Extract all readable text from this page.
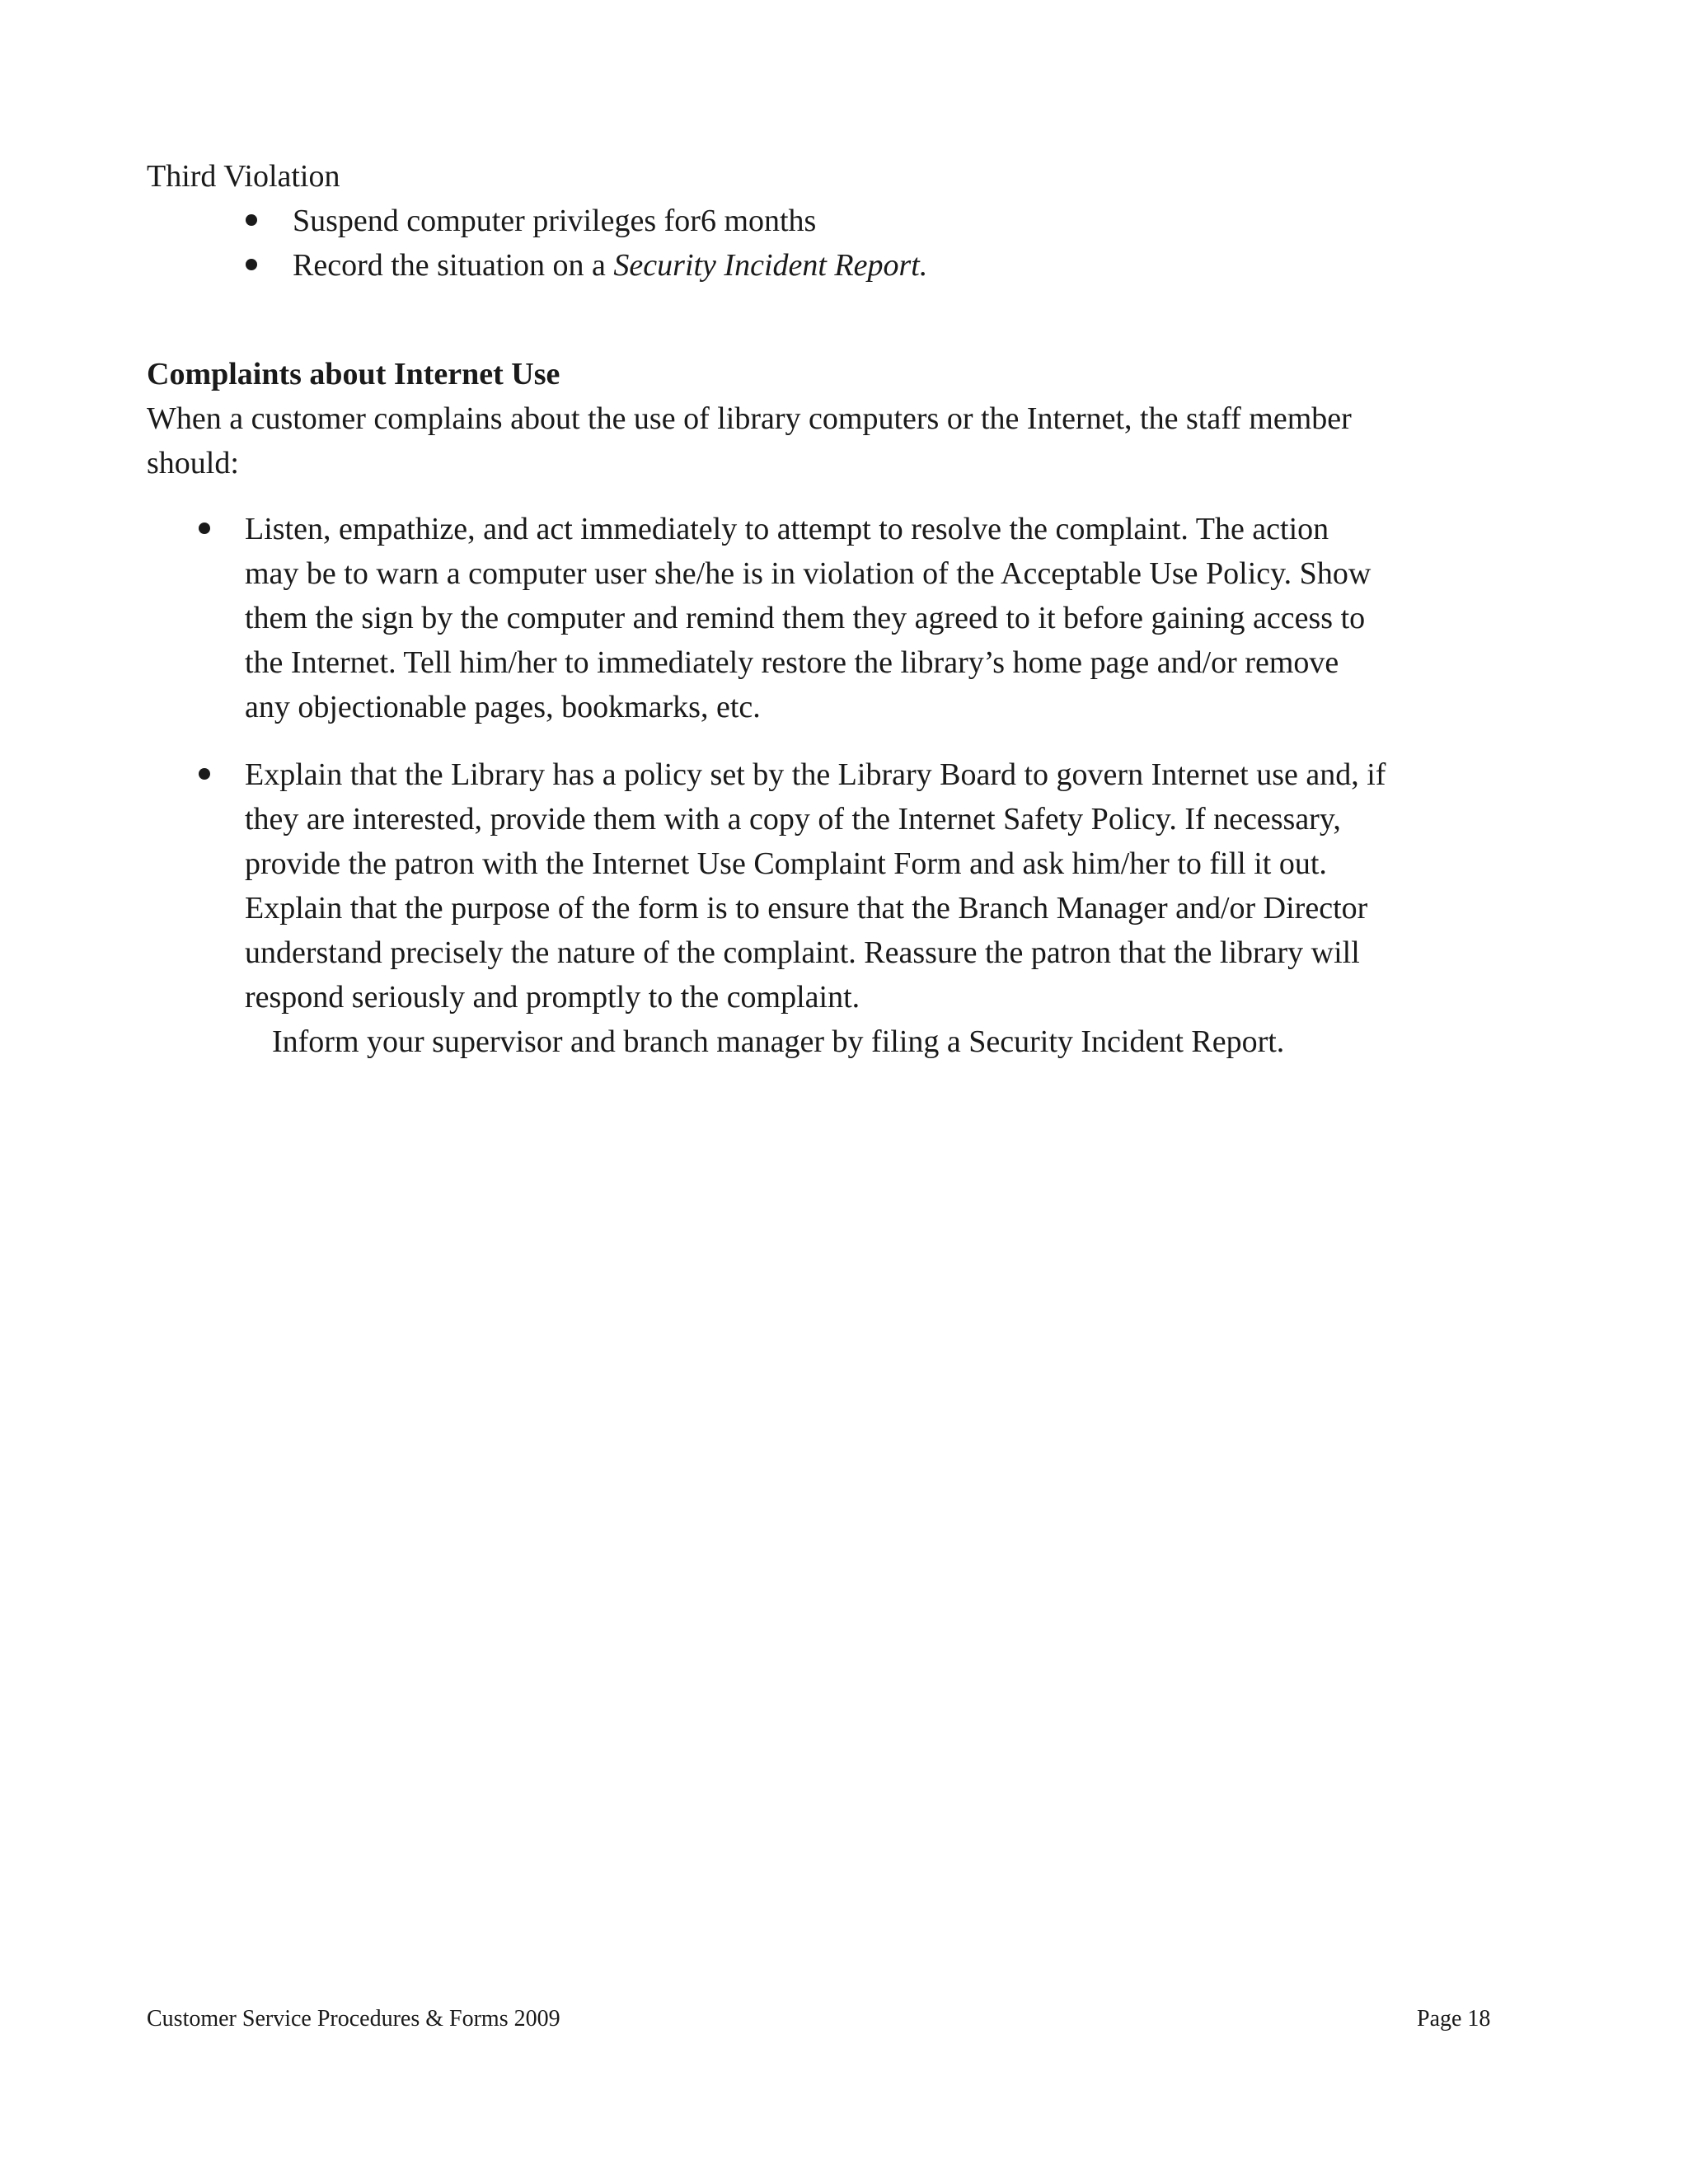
Third Violation
Suspend computer privileges for6 months
Record the situation on a Security Incident Report.
Complaints about Internet Use
When a customer complains about the use of library computers or the Internet, the staff member
should:
Listen, empathize, and act immediately to attempt to resolve the complaint. The action
may be to warn a computer user she/he is in violation of the Acceptable Use Policy. Show
them the sign by the computer and remind them they agreed to it before gaining access to
the Internet. Tell him/her to immediately restore the library’s home page and/or remove
any objectionable pages, bookmarks, etc.
Explain that the Library has a policy set by the Library Board to govern Internet use and, if
they are interested, provide them with a copy of the Internet Safety Policy. If necessary,
provide the patron with the Internet Use Complaint Form and ask him/her to fill it out.
Explain that the purpose of the form is to ensure that the Branch Manager and/or Director
understand precisely the nature of the complaint. Reassure the patron that the library will
respond seriously and promptly to the complaint.
Inform your supervisor and branch manager by filing a Security Incident Report.
Customer Service Procedures & Forms 2009	Page 18
